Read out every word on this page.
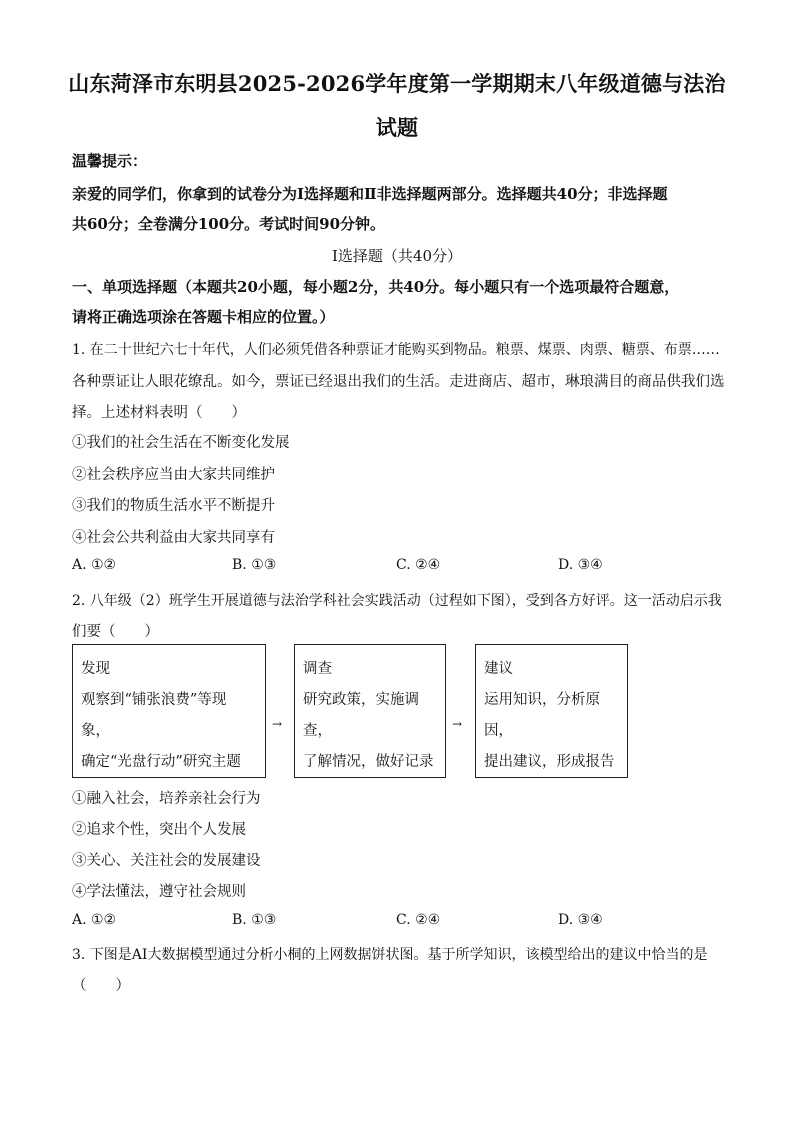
山东菏泽市东明县2025-2026学年度第一学期期末八年级道德与法治
试题
温馨提示：
亲爱的同学们，你拿到的试卷分为Ⅰ选择题和Ⅱ非选择题两部分。选择题共40分；非选择题
共60分；全卷满分100分。考试时间90分钟。
Ⅰ选择题（共40分）
一、单项选择题（本题共20小题，每小题2分，共40分。每小题只有一个选项最符合题意，
请将正确选项涂在答题卡相应的位置。）
1. 在二十世纪六七十年代，人们必须凭借各种票证才能购买到物品。粮票、煤票、肉票、糖票、布票……
各种票证让人眼花缭乱。如今，票证已经退出我们的生活。走进商店、超市，琳琅满目的商品供我们选
择。上述材料表明（　　）
①我们的社会生活在不断变化发展
②社会秩序应当由大家共同维护
③我们的物质生活水平不断提升
④社会公共利益由大家共同享有
A. ①②	B. ①③	C. ②④	D. ③④
2. 八年级（2）班学生开展道德与法治学科社会实践活动（过程如下图），受到各方好评。这一活动启示我
们要（　　）
发现
观察到“铺张浪费”等现
象，
确定“光盘行动”研究主题
→
调查
研究政策，实施调
查，
了解情况，做好记录
→
建议
运用知识，分析原
因，
提出建议，形成报告
①融入社会，培养亲社会行为
②追求个性，突出个人发展
③关心、关注社会的发展建设
④学法懂法，遵守社会规则
A. ①②	B. ①③	C. ②④	D. ③④
3. 下图是AI大数据模型通过分析小桐的上网数据饼状图。基于所学知识，该模型给出的建议中恰当的是
（　　）
